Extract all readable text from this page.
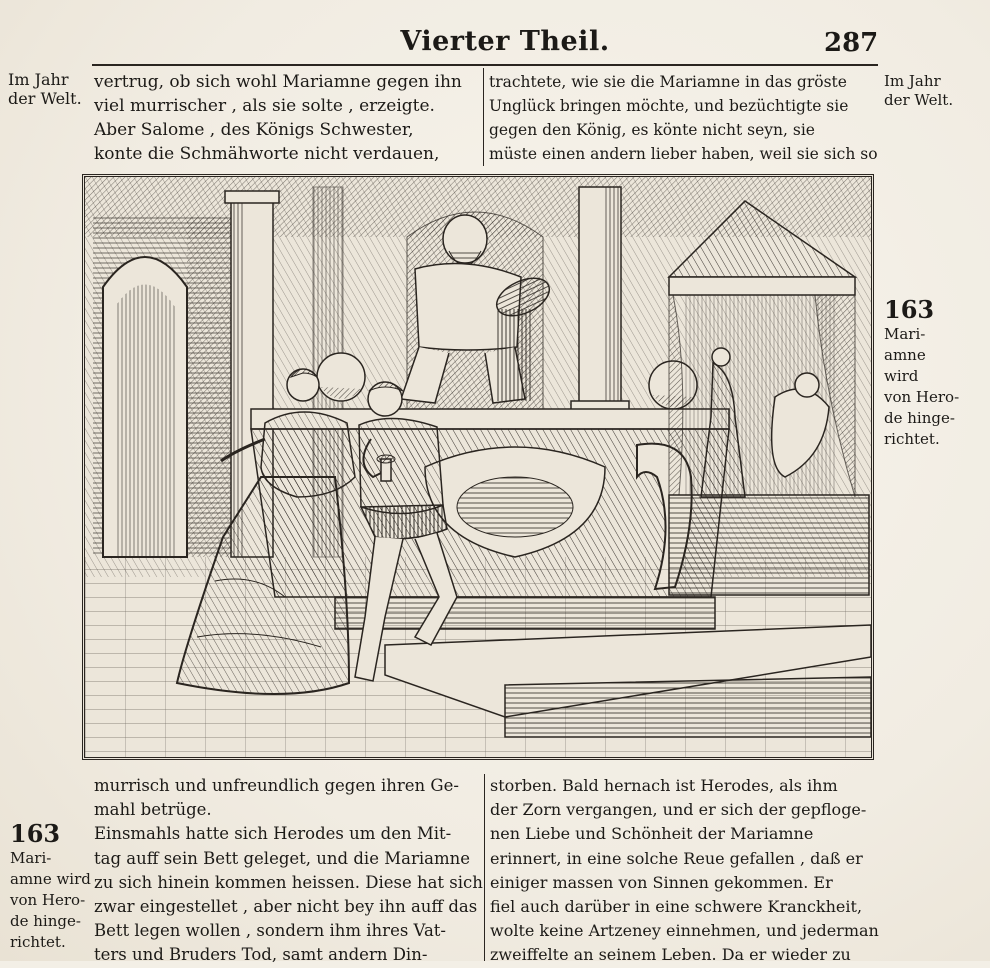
Vierter Theil.	287
Im Jahr
der Welt.
Im Jahr
der Welt.
vertrug, ob sich wohl Mariamne gegen ihn
viel murrischer , als sie solte , erzeigte.
Aber Salome , des Königs Schwester,
konte die Schmähworte nicht verdauen,
trachtete, wie sie die Mariamne in das gröste
Unglück bringen möchte, und bezüchtigte sie
gegen den König, es könte nicht seyn, sie
müste einen andern lieber haben, weil sie sich so
163
Mari-
amne
wird
von Hero-
de hinge-
richtet.
163
Mari-
amne wird
von Hero-
de hinge-
richtet.
murrisch und unfreundlich gegen ihren Ge-
mahl betrüge.
Einsmahls hatte sich Herodes um den Mit-
tag auff sein Bett geleget, und die Mariamne
zu sich hinein kommen heissen. Diese hat sich
zwar eingestellet , aber nicht bey ihn auff das
Bett legen wollen , sondern ihm ihres Vat-
ters und Bruders Tod, samt andern Din-
storben. Bald hernach ist Herodes, als ihm
der Zorn vergangen, und er sich der gepfloge-
nen Liebe und Schönheit der Mariamne
erinnert, in eine solche Reue gefallen , daß er
einiger massen von Sinnen gekommen. Er
fiel auch darüber in eine schwere Kranckheit,
wolte keine Artzeney einnehmen, und jederman
zweiffelte an seinem Leben. Da er wieder zu
